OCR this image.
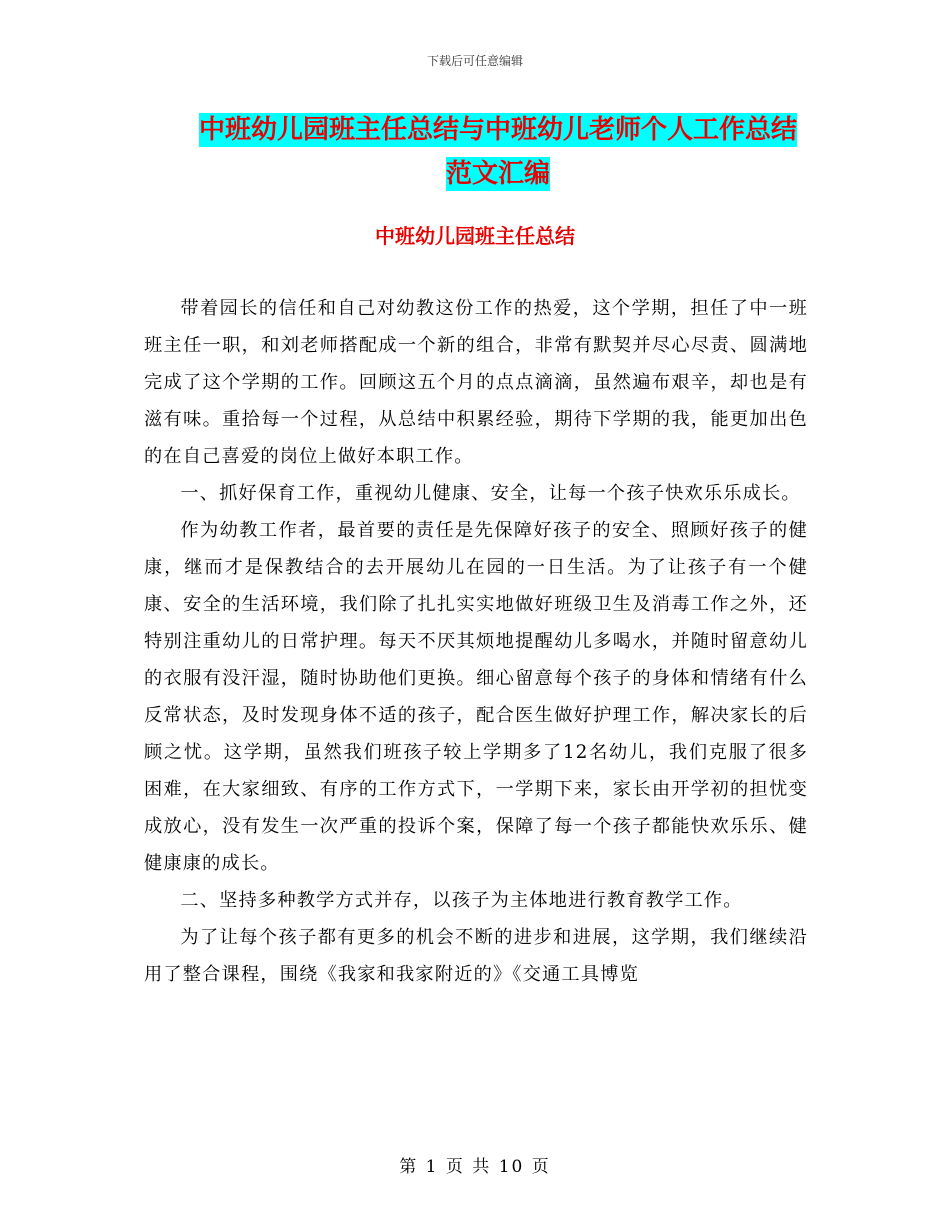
下载后可任意编辑
中班幼儿园班主任总结与中班幼儿老师个人工作总结
范文汇编
中班幼儿园班主任总结

带着园长的信任和自己对幼教这份工作的热爱，这个学期，担任了中一班班主任一职，和刘老师搭配成一个新的组合，非常有默契并尽心尽责、圆满地完成了这个学期的工作。回顾这五个月的点点滴滴，虽然遍布艰辛，却也是有滋有味。重拾每一个过程，从总结中积累经验，期待下学期的我，能更加出色的在自己喜爱的岗位上做好本职工作。

一、抓好保育工作，重视幼儿健康、安全，让每一个孩子快欢乐乐成长。

作为幼教工作者，最首要的责任是先保障好孩子的安全、照顾好孩子的健康，继而才是保教结合的去开展幼儿在园的一日生活。为了让孩子有一个健康、安全的生活环境，我们除了扎扎实实地做好班级卫生及消毒工作之外，还特别注重幼儿的日常护理。每天不厌其烦地提醒幼儿多喝水，并随时留意幼儿的衣服有没汗湿，随时协助他们更换。细心留意每个孩子的身体和情绪有什么反常状态，及时发现身体不适的孩子，配合医生做好护理工作，解决家长的后顾之忧。这学期，虽然我们班孩子较上学期多了12名幼儿，我们克服了很多困难，在大家细致、有序的工作方式下，一学期下来，家长由开学初的担忧变成放心，没有发生一次严重的投诉个案，保障了每一个孩子都能快欢乐乐、健健康康的成长。

二、坚持多种教学方式并存，以孩子为主体地进行教育教学工作。

为了让每个孩子都有更多的机会不断的进步和进展，这学期，我们继续沿用了整合课程，围绕《我家和我家附近的》《交通工具博览

第 1 页 共 10 页
